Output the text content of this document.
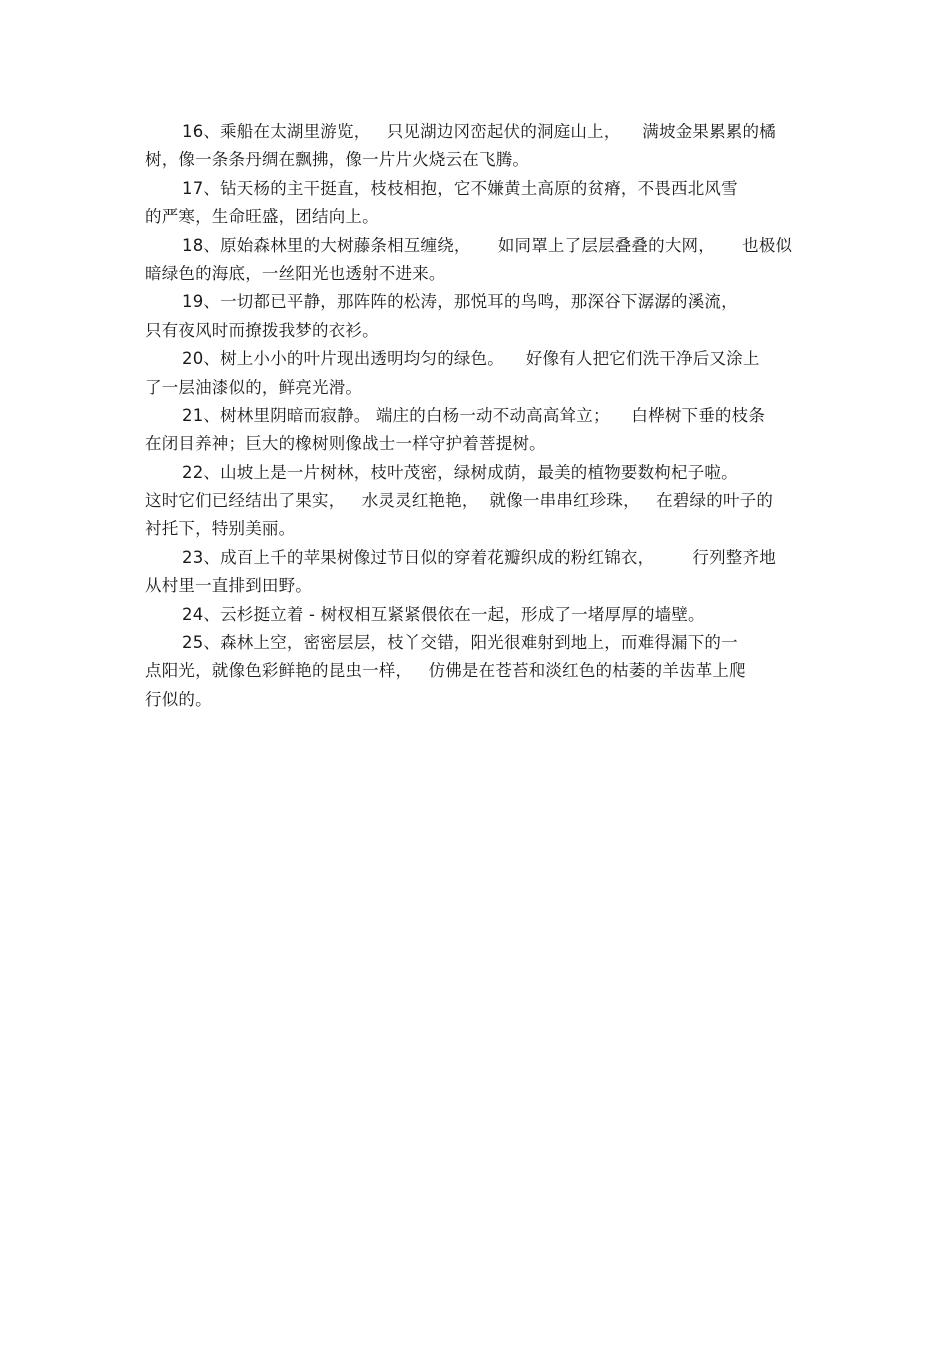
16、乘船在太湖里游览，   只见湖边冈峦起伏的洞庭山上，    满坡金果累累的橘
树，像一条条丹绸在飘拂，像一片片火烧云在飞腾。
17、钻天杨的主干挺直，枝枝相抱，它不嫌黄土高原的贫瘠，不畏西北风雪
的严寒，生命旺盛，团结向上。
18、原始森林里的大树藤条相互缠绕，     如同罩上了层层叠叠的大网，     也极似
暗绿色的海底，一丝阳光也透射不进来。
19、一切都已平静，那阵阵的松涛，那悦耳的鸟鸣，那深谷下潺潺的溪流，
只有夜风时而撩拨我梦的衣衫。
20、树上小小的叶片现出透明均匀的绿色。    好像有人把它们洗干净后又涂上
了一层油漆似的，鲜亮光滑。
21、树林里阴暗而寂静。 端庄的白杨一动不动高高耸立；    白桦树下垂的枝条
在闭目养神；巨大的橡树则像战士一样守护着菩提树。
22、山坡上是一片树林，枝叶茂密，绿树成荫，最美的植物要数枸杞子啦。
这时它们已经结出了果实，   水灵灵红艳艳，  就像一串串红珍珠，   在碧绿的叶子的
衬托下，特别美丽。
23、成百上千的苹果树像过节日似的穿着花瓣织成的粉红锦衣，       行列整齐地
从村里一直排到田野。
24、云杉挺立着 - 树杈相互紧紧偎依在一起，形成了一堵厚厚的墙壁。
25、森林上空，密密层层，枝丫交错，阳光很难射到地上，而难得漏下的一
点阳光，就像色彩鲜艳的昆虫一样，   仿佛是在苍苔和淡红色的枯萎的羊齿革上爬
行似的。
